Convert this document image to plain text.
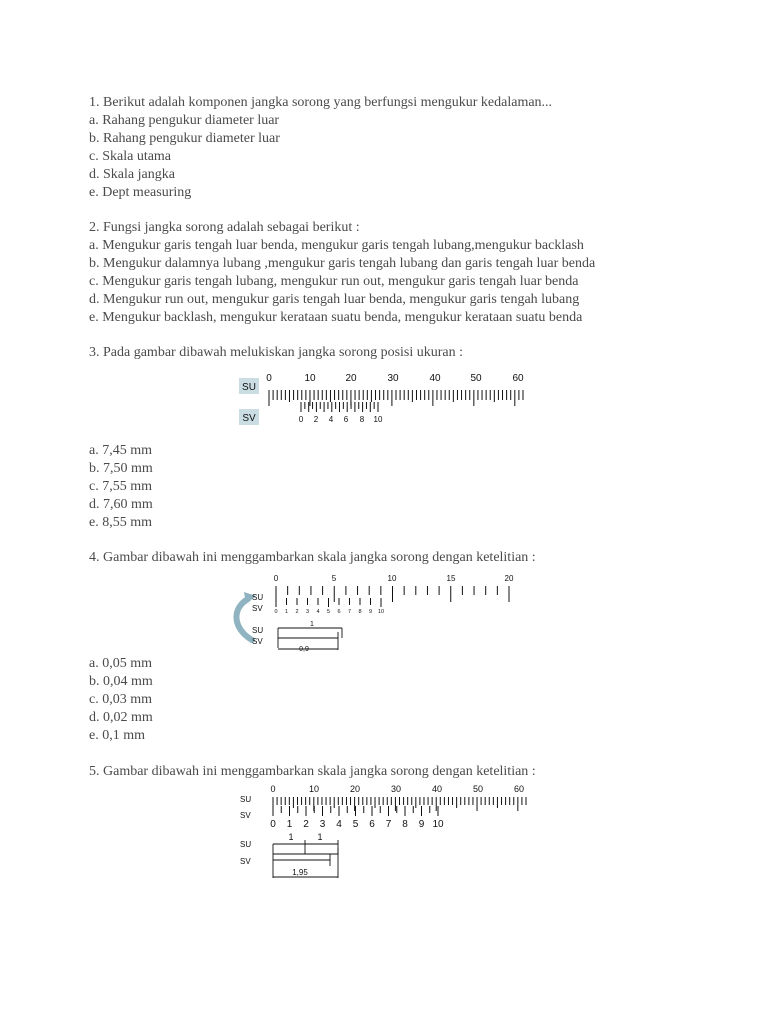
1. Berikut adalah komponen jangka sorong yang berfungsi mengukur kedalaman...
a. Rahang pengukur diameter luar
b. Rahang pengukur diameter luar
c. Skala utama
d. Skala jangka
e. Dept measuring
2. Fungsi jangka sorong adalah sebagai berikut :
a. Mengukur garis tengah luar benda, mengukur garis tengah lubang,mengukur backlash
b. Mengukur dalamnya lubang ,mengukur garis tengah lubang dan garis tengah luar benda
c. Mengukur garis tengah lubang, mengukur run out, mengukur garis tengah luar benda
d. Mengukur run out, mengukur garis tengah luar benda, mengukur garis tengah lubang
e. Mengukur backlash, mengukur kerataan suatu benda, mengukur kerataan suatu benda
3. Pada gambar dibawah melukiskan jangka sorong posisi ukuran :
SU
SV
0	10	20	30	40	50	60
0 2 4 6 8 10
a. 7,45 mm
b. 7,50 mm
c. 7,55 mm
d. 7,60 mm
e. 8,55 mm
4. Gambar dibawah ini menggambarkan skala jangka sorong dengan ketelitian :
SU
SV
0	5	10	15	20
0 1 2 3 4 5 6 7 8 9 10
SU
SV
1
0,9
a. 0,05 mm
b. 0,04 mm
c. 0,03 mm
d. 0,02 mm
e. 0,1 mm
5. Gambar dibawah ini menggambarkan skala jangka sorong dengan ketelitian :
SU
SV
0	10	20	30	40	50	60
0 1 2 3 4 5 6 7 8 9 10
SU
SV
1	1
1,95
